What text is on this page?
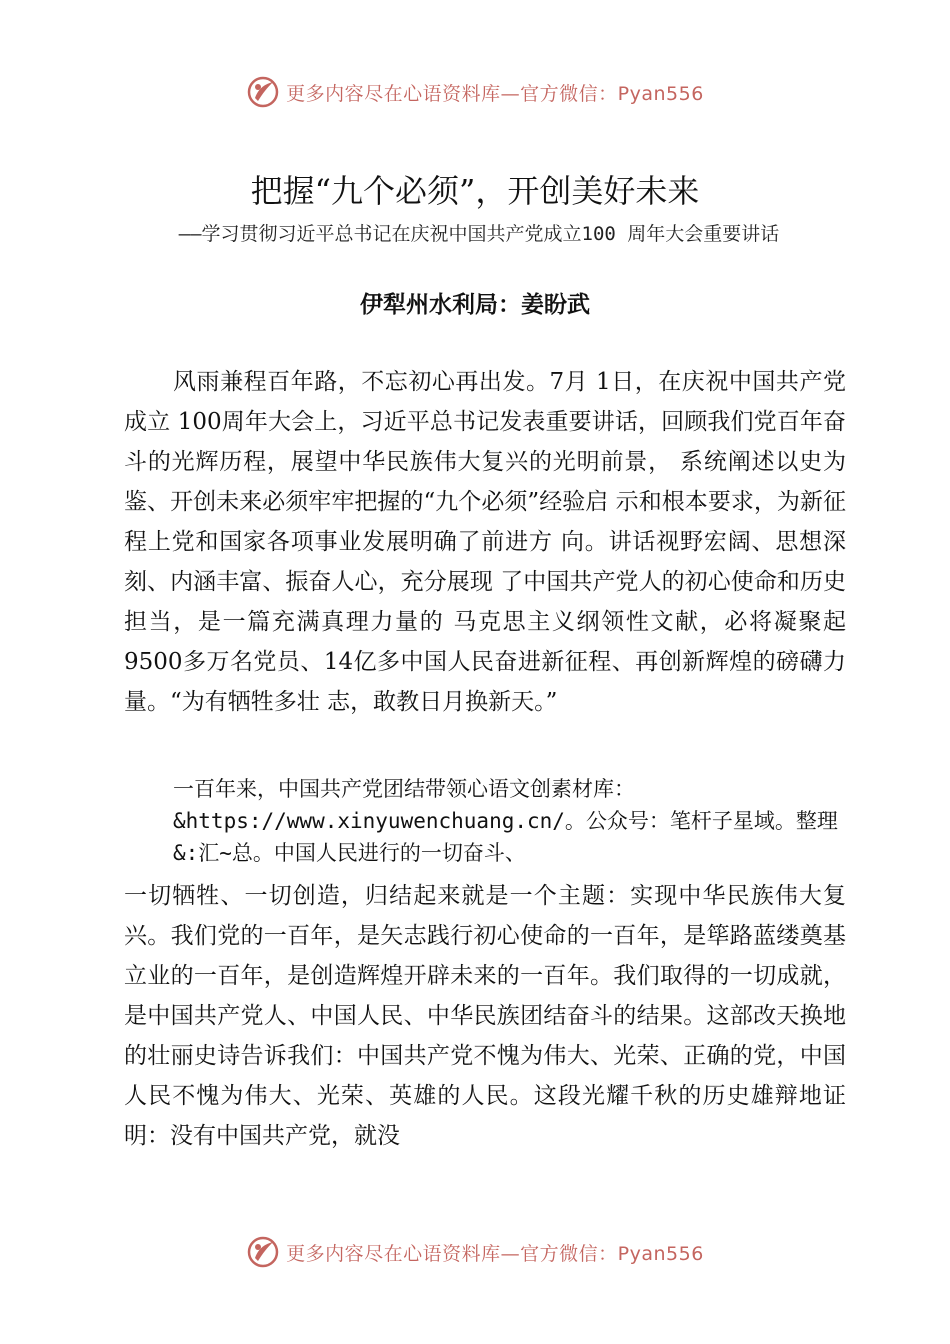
更多内容尽在心语资料库—官方微信：Pyan556
把握“九个必须”，开创美好未来

——学习贯彻习近平总书记在庆祝中国共产党成立100 周年大会重要讲话

伊犁州水利局：姜盼武

风雨兼程百年路，不忘初心再出发。7月 1日，在庆祝中国共产党成立 100周年大会上，习近平总书记发表重要讲话，回顾我们党百年奋斗的光辉历程，展望中华民族伟大复兴的光明前景， 系统阐述以史为鉴、开创未来必须牢牢把握的“九个必须”经验启 示和根本要求，为新征程上党和国家各项事业发展明确了前进方 向。讲话视野宏阔、思想深刻、内涵丰富、振奋人心，充分展现 了中国共产党人的初心使命和历史担当，是一篇充满真理力量的 马克思主义纲领性文献，必将凝聚起 9500多万名党员、14亿多中国人民奋进新征程、再创新辉煌的磅礴力量。“为有牺牲多壮 志，敢教日月换新天。”

一百年来，中国共产党团结带领心语文创素材库：&https://www.xinyuwenchuang.cn/。公众号：笔杆子星域。整理&:汇~总。中国人民进行的一切奋斗、

一切牺牲、一切创造，归结起来就是一个主题：实现中华民族伟大复兴。我们党的一百年，是矢志践行初心使命的一百年，是筚路蓝缕奠基立业的一百年，是创造辉煌开辟未来的一百年。我们取得的一切成就，是中国共产党人、中国人民、中华民族团结奋斗的结果。这部改天换地的壮丽史诗告诉我们：中国共产党不愧为伟大、光荣、正确的党，中国人民不愧为伟大、光荣、英雄的人民。这段光耀千秋的历史雄辩地证明：没有中国共产党，就没

更多内容尽在心语资料库—官方微信：Pyan556
